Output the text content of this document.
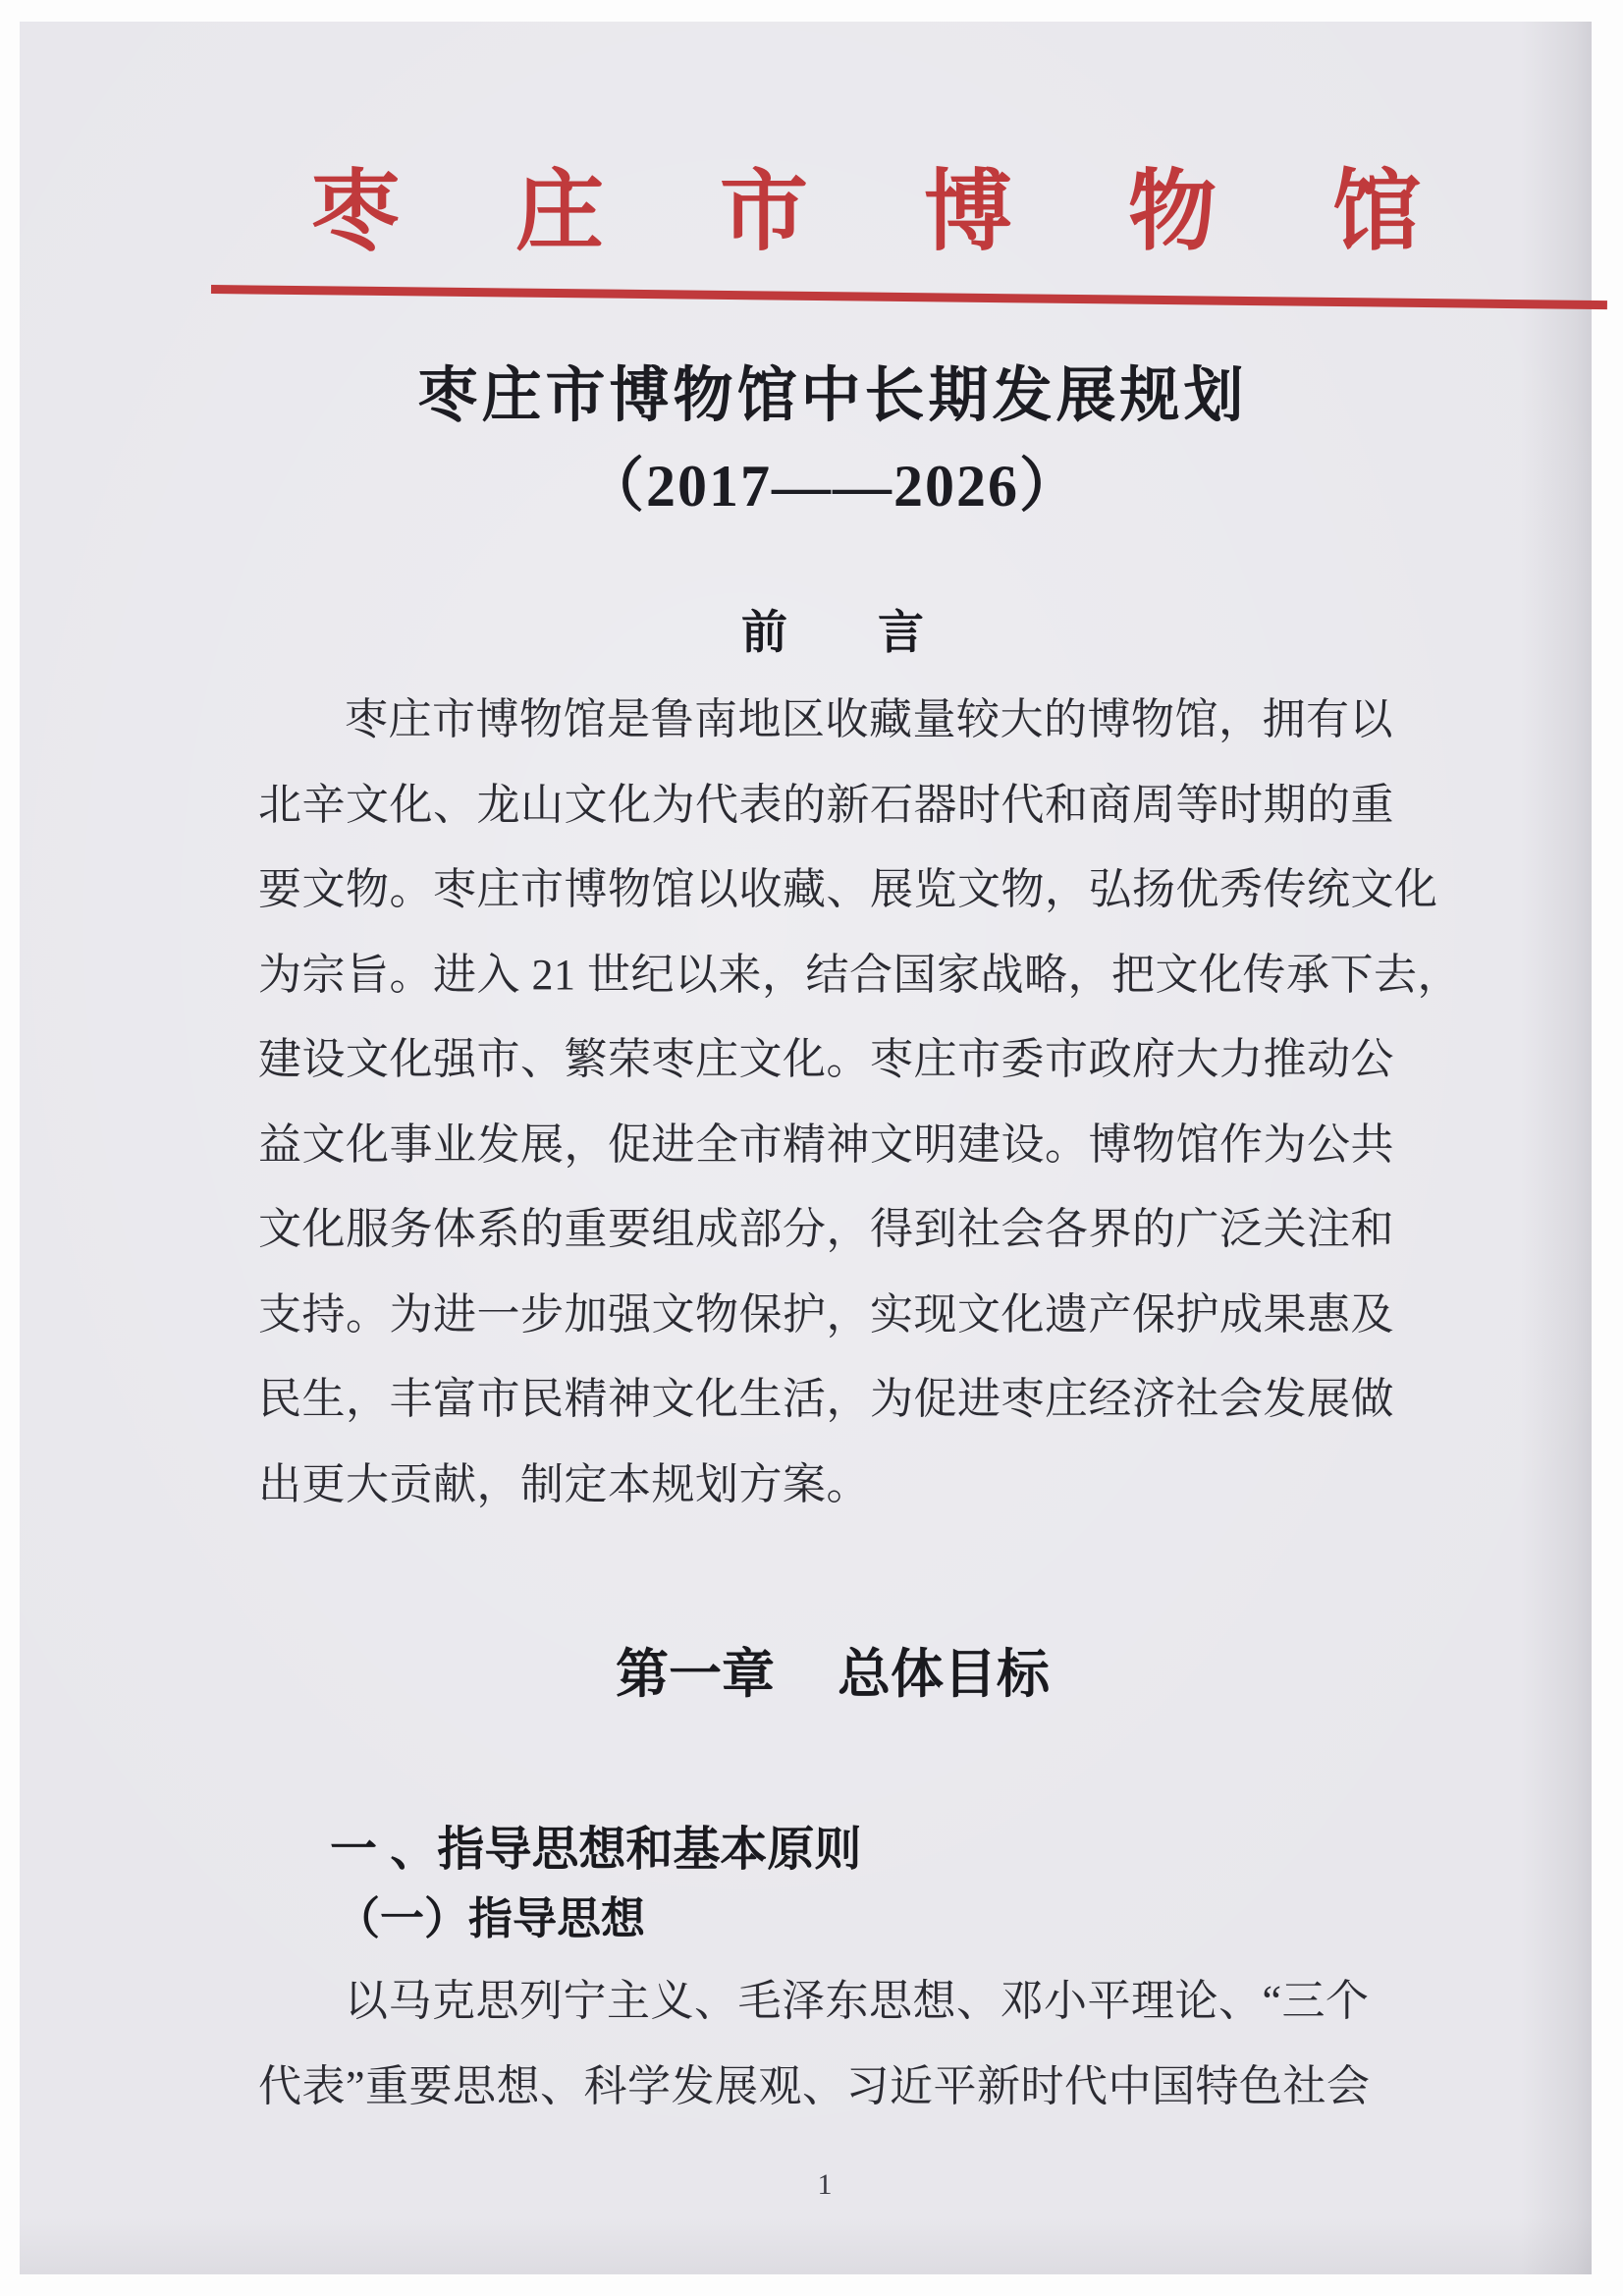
枣庄市博物馆
枣庄市博物馆中长期发展规划
（2017——2026）
前 言
枣庄市博物馆是鲁南地区收藏量较大的博物馆，拥有以
北辛文化、龙山文化为代表的新石器时代和商周等时期的重
要文物。枣庄市博物馆以收藏、展览文物，弘扬优秀传统文化
为宗旨。进入 21 世纪以来，结合国家战略，把文化传承下去，
建设文化强市、繁荣枣庄文化。枣庄市委市政府大力推动公
益文化事业发展，促进全市精神文明建设。博物馆作为公共
文化服务体系的重要组成部分，得到社会各界的广泛关注和
支持。为进一步加强文物保护，实现文化遗产保护成果惠及
民生，丰富市民精神文化生活，为促进枣庄经济社会发展做
出更大贡献，制定本规划方案。
第一章 总体目标
一 、指导思想和基本原则
（一）指导思想
以马克思列宁主义、毛泽东思想、邓小平理论、“三个
代表”重要思想、科学发展观、习近平新时代中国特色社会
1
